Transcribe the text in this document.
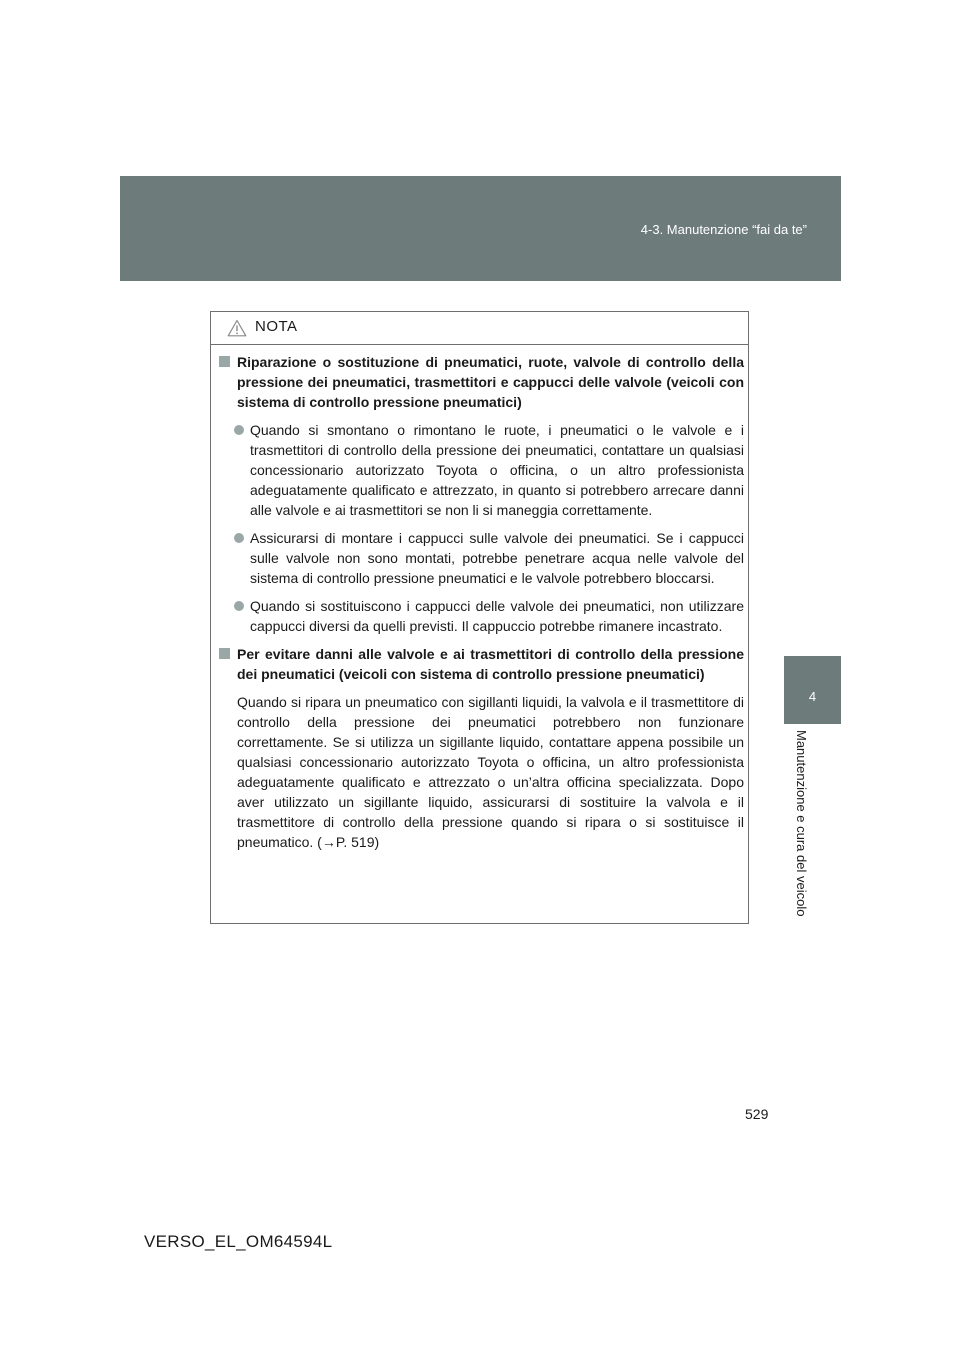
4-3. Manutenzione “fai da te”
4
Manutenzione e cura del veicolo
NOTA
Riparazione o sostituzione di pneumatici, ruote, valvole di controllo della pressione dei pneumatici, trasmettitori e cappucci delle valvole (veicoli con sistema di controllo pressione pneumatici)
Quando si smontano o rimontano le ruote, i pneumatici o le valvole e i trasmettitori di controllo della pressione dei pneumatici, contattare un qualsiasi concessionario autorizzato Toyota o officina, o un altro professionista adeguatamente qualificato e attrezzato, in quanto si potrebbero arrecare danni alle valvole e ai trasmettitori se non li si maneggia correttamente.
Assicurarsi di montare i cappucci sulle valvole dei pneumatici. Se i cappucci sulle valvole non sono montati, potrebbe penetrare acqua nelle valvole del sistema di controllo pressione pneumatici e le valvole potrebbero bloccarsi.
Quando si sostituiscono i cappucci delle valvole dei pneumatici, non utilizzare cappucci diversi da quelli previsti. Il cappuccio potrebbe rimanere incastrato.
Per evitare danni alle valvole e ai trasmettitori di controllo della pressione dei pneumatici (veicoli con sistema di controllo pressione pneumatici)
Quando si ripara un pneumatico con sigillanti liquidi, la valvola e il trasmettitore di controllo della pressione dei pneumatici potrebbero non funzionare correttamente. Se si utilizza un sigillante liquido, contattare appena possibile un qualsiasi concessionario autorizzato Toyota o officina, un altro professionista adeguatamente qualificato e attrezzato o un’altra officina specializzata. Dopo aver utilizzato un sigillante liquido, assicurarsi di sostituire la valvola e il trasmettitore di controllo della pressione quando si ripara o si sostituisce il pneumatico. (→P. 519)
529
VERSO_EL_OM64594L
